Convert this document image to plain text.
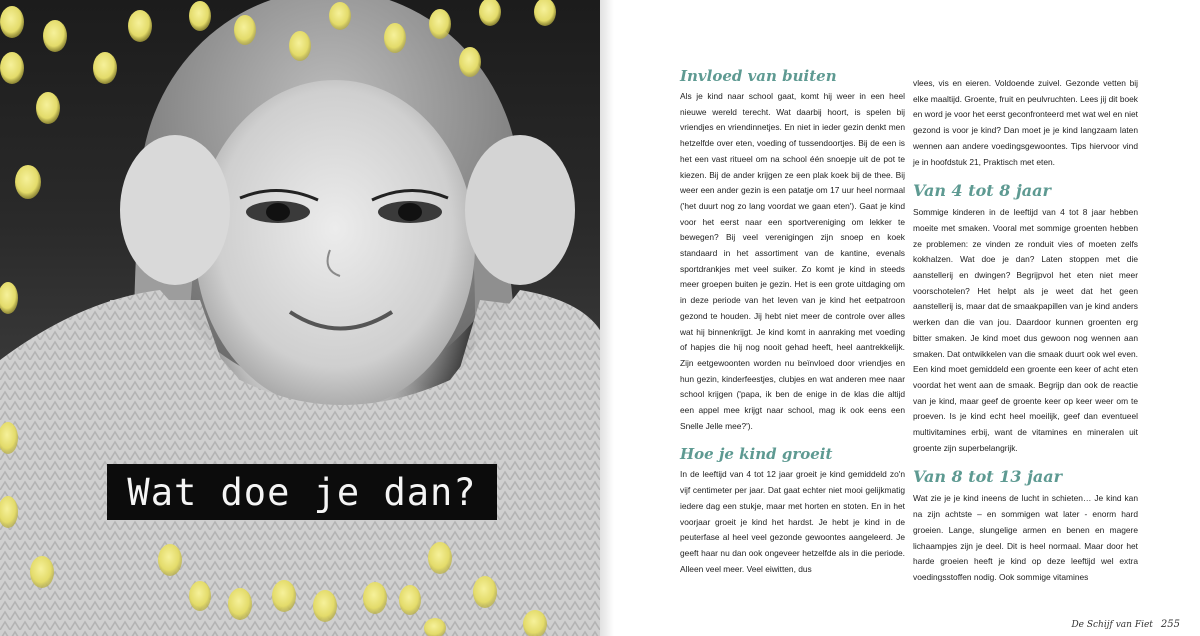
Wat doe je dan?
Invloed van buiten

Als je kind naar school gaat, komt hij weer in een heel nieuwe wereld terecht. Wat daarbij hoort, is spelen bij vriendjes en vriendinnetjes. En niet in ieder gezin denkt men hetzelfde over eten, voeding of tussendoortjes. Bij de een is het een vast ritueel om na school één snoepje uit de pot te kiezen. Bij de ander krijgen ze een plak koek bij de thee. Bij weer een ander gezin is een patatje om 17 uur heel normaal ('het duurt nog zo lang voordat we gaan eten'). Gaat je kind voor het eerst naar een sportvereniging om lekker te bewegen? Bij veel verenigingen zijn snoep en koek standaard in het assortiment van de kantine, evenals sportdrankjes met veel suiker. Zo komt je kind in steeds meer groepen buiten je gezin. Het is een grote uitdaging om in deze periode van het leven van je kind het eetpatroon gezond te houden. Jij hebt niet meer de controle over alles wat hij binnenkrijgt. Je kind komt in aanraking met voeding of hapjes die hij nog nooit gehad heeft, heel aantrekkelijk. Zijn eetgewoonten worden nu beïnvloed door vriendjes en hun gezin, kinderfeestjes, clubjes en wat anderen mee naar school krijgen ('papa, ik ben de enige in de klas die altijd een appel mee krijgt naar school, mag ik ook eens een Snelle Jelle mee?').

Hoe je kind groeit

In de leeftijd van 4 tot 12 jaar groeit je kind gemiddeld zo'n vijf centimeter per jaar. Dat gaat echter niet mooi gelijkmatig iedere dag een stukje, maar met horten en stoten. En in het voorjaar groeit je kind het hardst. Je hebt je kind in de peuterfase al heel veel gezonde gewoontes aangeleerd. Je geeft haar nu dan ook ongeveer hetzelfde als in die periode. Alleen veel meer. Veel eiwitten, dus

vlees, vis en eieren. Voldoende zuivel. Gezonde vetten bij elke maaltijd. Groente, fruit en peulvruchten. Lees jij dit boek en word je voor het eerst geconfronteerd met wat wel en niet gezond is voor je kind? Dan moet je je kind langzaam laten wennen aan andere voedingsgewoontes. Tips hiervoor vind je in hoofdstuk 21, Praktisch met eten.

Van 4 tot 8 jaar

Sommige kinderen in de leeftijd van 4 tot 8 jaar hebben moeite met smaken. Vooral met sommige groenten hebben ze problemen: ze vinden ze ronduit vies of moeten zelfs kokhalzen. Wat doe je dan? Laten stoppen met die aanstellerij en dwingen? Begrijpvol het eten niet meer voorschotelen? Het helpt als je weet dat het geen aanstellerij is, maar dat de smaakpapillen van je kind anders werken dan die van jou. Daardoor kunnen groenten erg bitter smaken. Je kind moet dus gewoon nog wennen aan smaken. Dat ontwikkelen van die smaak duurt ook wel even. Een kind moet gemiddeld een groente een keer of acht eten voordat het went aan de smaak. Begrijp dan ook de reactie van je kind, maar geef de groente keer op keer weer om te proeven. Is je kind echt heel moeilijk, geef dan eventueel multivitamines erbij, want de vitamines en mineralen uit groente zijn superbelangrijk.

Van 8 tot 13 jaar

Wat zie je je kind ineens de lucht in schieten… Je kind kan na zijn achtste – en sommigen wat later - enorm hard groeien. Lange, slungelige armen en benen en magere lichaampjes zijn je deel. Dit is heel normaal. Maar door het harde groeien heeft je kind op deze leeftijd wel extra voedingsstoffen nodig. Ook sommige vitamines

De Schijf van Fiet 255
